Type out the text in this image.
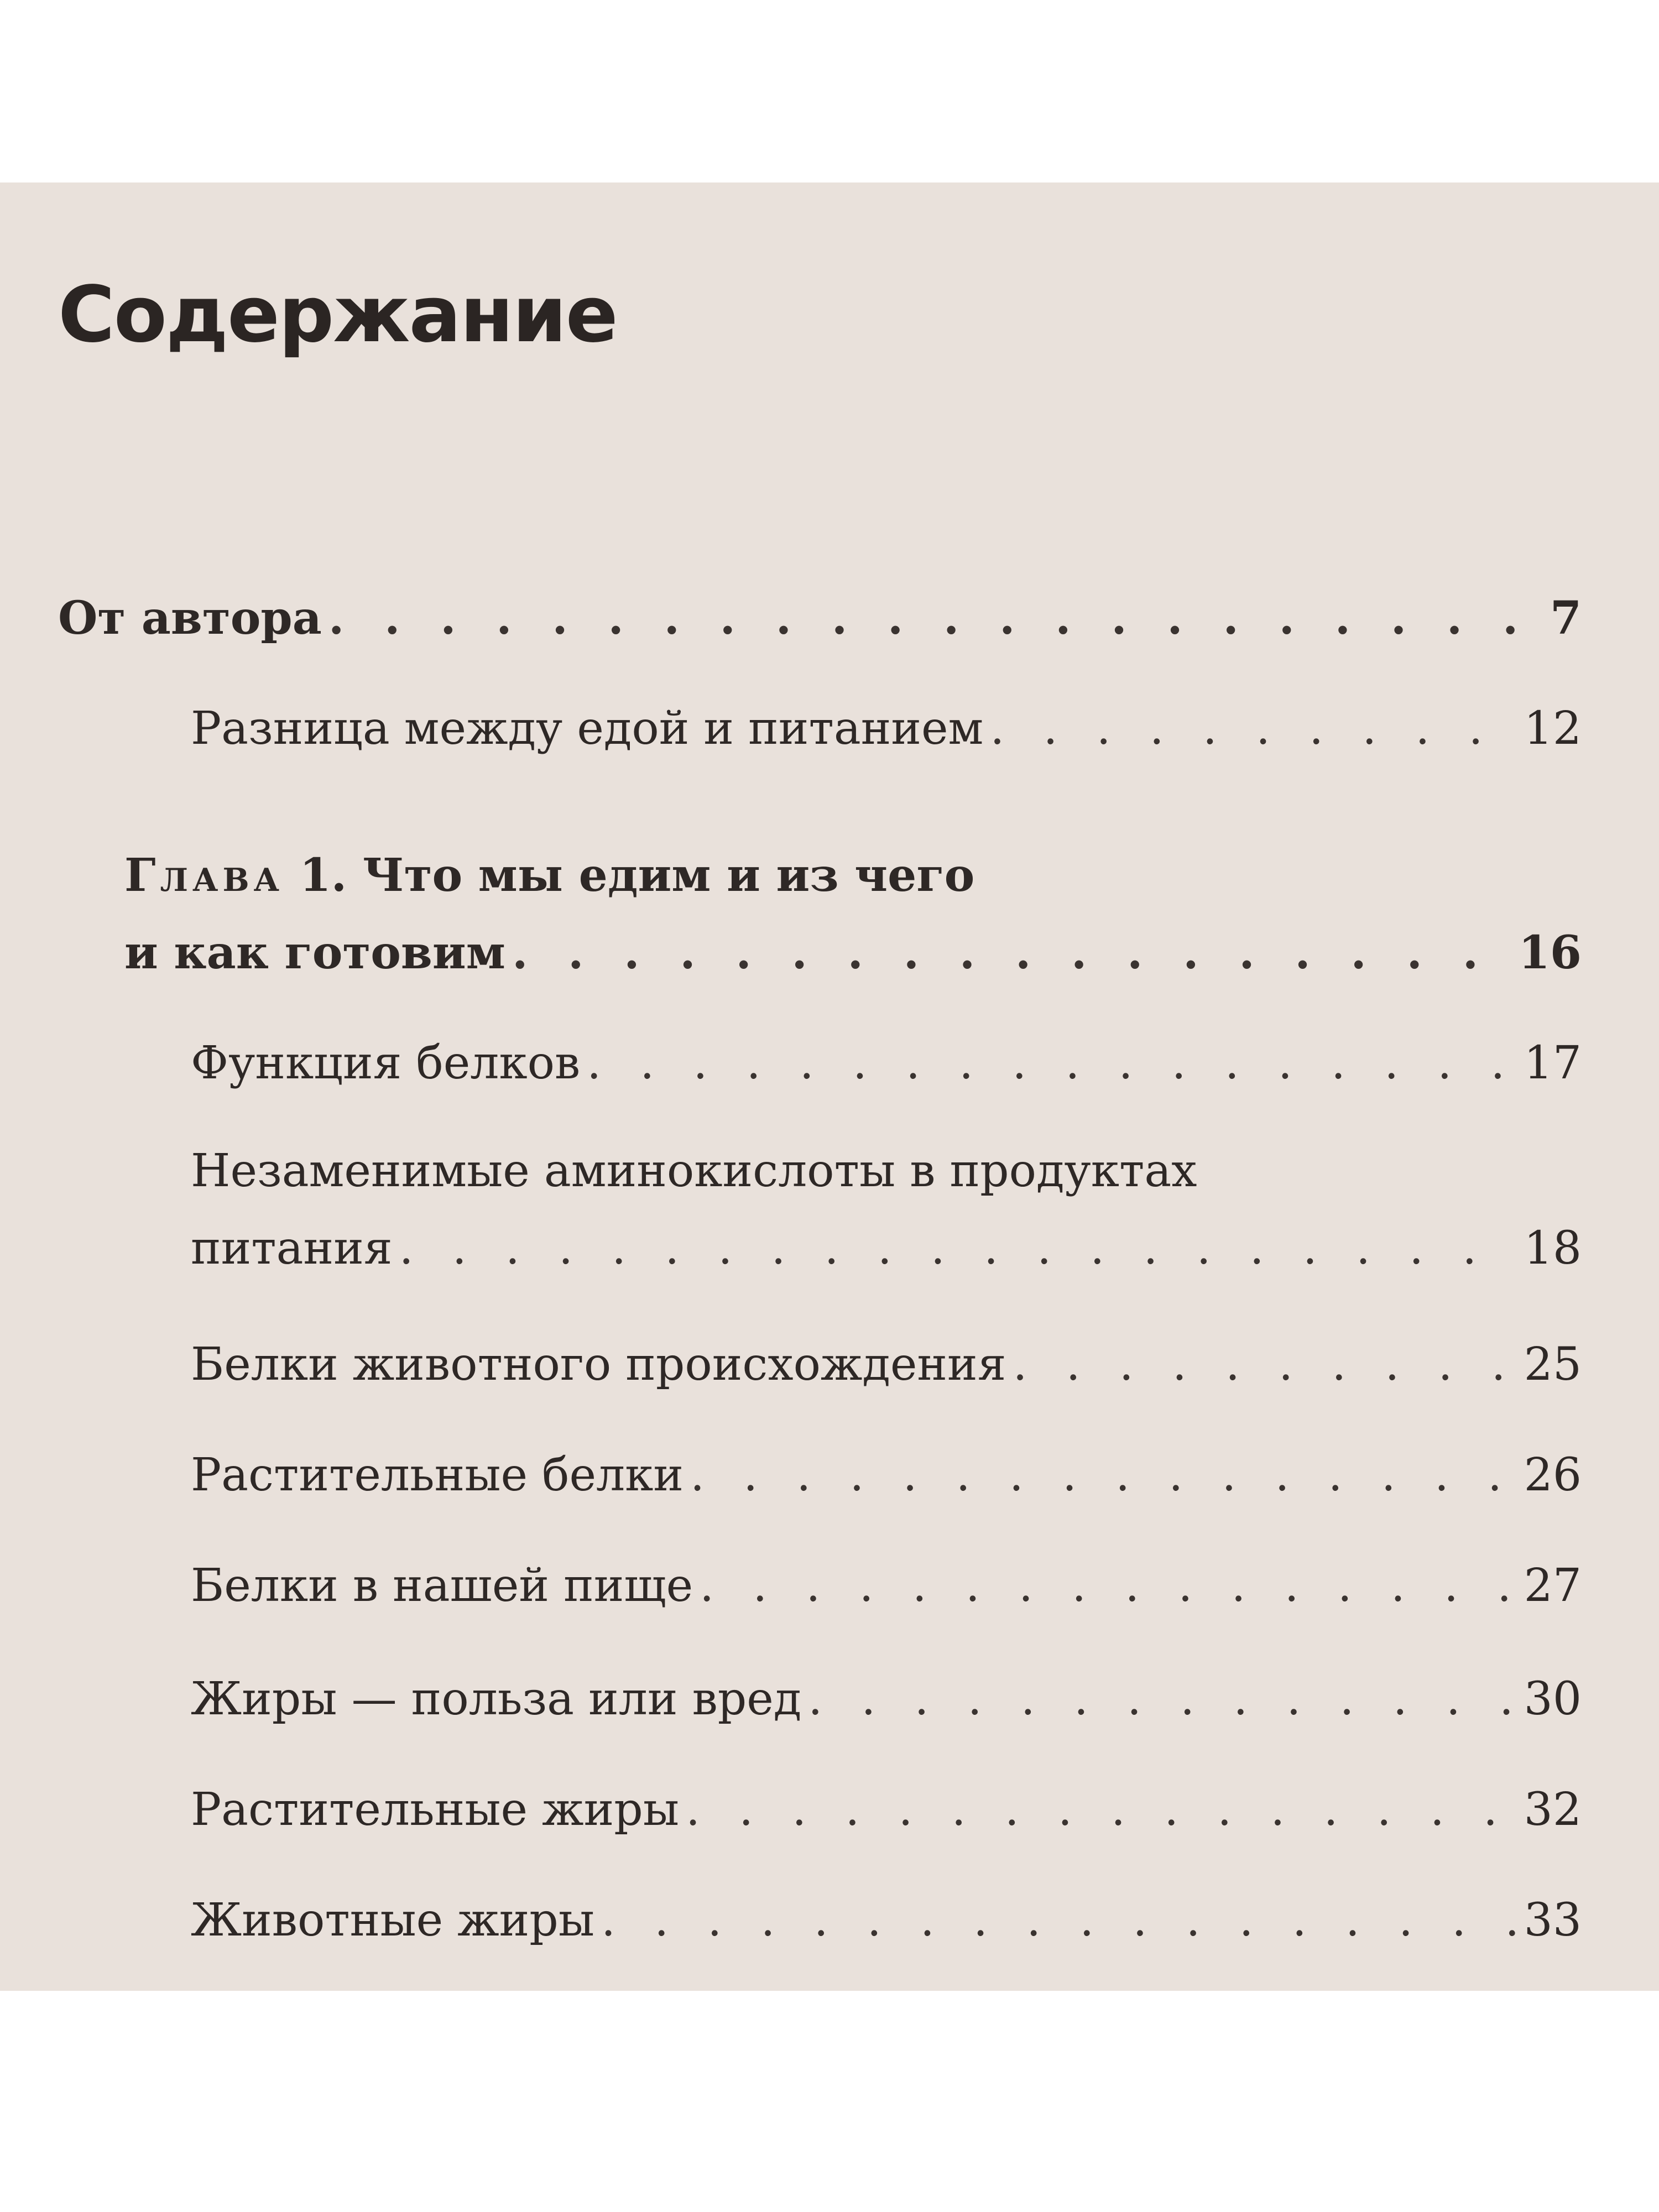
Содержание
От автора . . .	7
Разница между едой и питанием . . .	12
Глава 1. Что мы едим и из чего
и как готовим . . .	16
Функция белков . . .	17
Незаменимые аминокислоты в продуктах
питания . . .	18
Белки животного происхождения . . .	25
Растительные белки . . .	26
Белки в нашей пище . . .	27
Жиры — польза или вред . . .	30
Растительные жиры . . .	32
Животные жиры . . .	33
